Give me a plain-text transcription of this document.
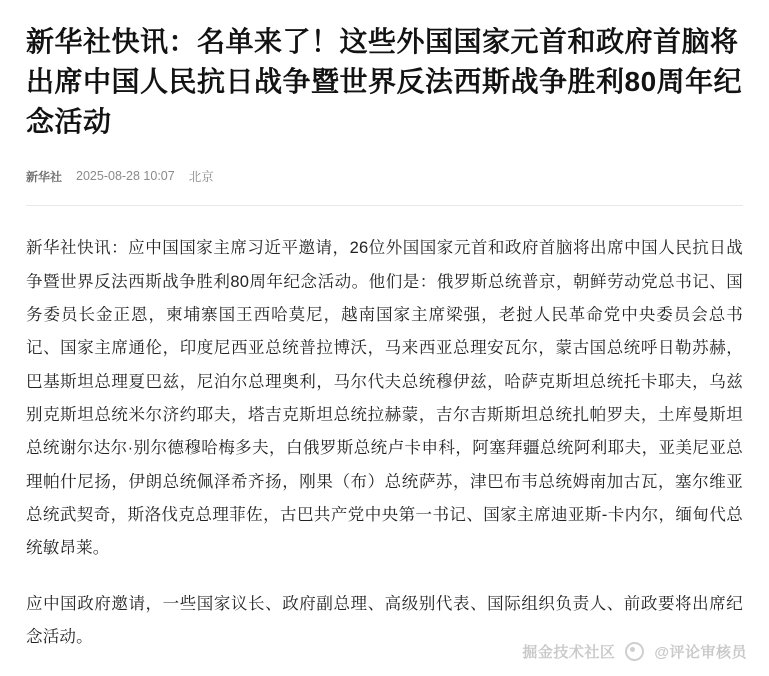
新华社快讯：名单来了！这些外国国家元首和政府首脑将出席中国人民抗日战争暨世界反法西斯战争胜利80周年纪念活动
新华社 2025-08-28 10:07 北京

新华社快讯：应中国国家主席习近平邀请，26位外国国家元首和政府首脑将出席中国人民抗日战争暨世界反法西斯战争胜利80周年纪念活动。他们是：俄罗斯总统普京，朝鲜劳动党总书记、国务委员长金正恩，柬埔寨国王西哈莫尼，越南国家主席梁强，老挝人民革命党中央委员会总书记、国家主席通伦，印度尼西亚总统普拉博沃，马来西亚总理安瓦尔，蒙古国总统呼日勒苏赫，巴基斯坦总理夏巴兹，尼泊尔总理奥利，马尔代夫总统穆伊兹，哈萨克斯坦总统托卡耶夫，乌兹别克斯坦总统米尔济约耶夫，塔吉克斯坦总统拉赫蒙，吉尔吉斯斯坦总统扎帕罗夫，土库曼斯坦总统谢尔达尔·别尔德穆哈梅多夫，白俄罗斯总统卢卡申科，阿塞拜疆总统阿利耶夫，亚美尼亚总理帕什尼扬，伊朗总统佩泽希齐扬，刚果（布）总统萨苏，津巴布韦总统姆南加古瓦，塞尔维亚总统武契奇，斯洛伐克总理菲佐，古巴共产党中央第一书记、国家主席迪亚斯-卡内尔，缅甸代总统敏昂莱。

应中国政府邀请，一些国家议长、政府副总理、高级别代表、国际组织负责人、前政要将出席纪念活动。

掘金技术社区	@评论审核员
